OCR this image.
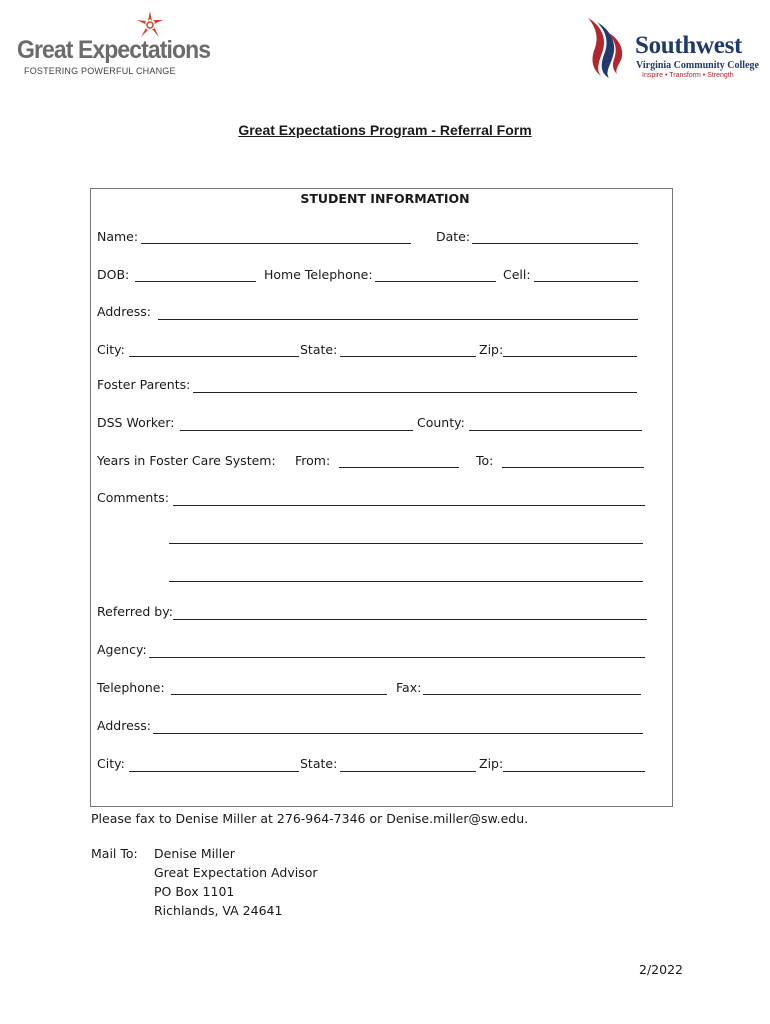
Great Expectations
FOSTERING POWERFUL CHANGE
Southwest
Virginia Community College
Inspire • Transform • Strength
Great Expectations Program - Referral Form
STUDENT INFORMATION
Name:	Date:
DOB:	Home Telephone:	Cell:
Address:
City:	State:	Zip:
Foster Parents:
DSS Worker:	County:
Years in Foster Care System: From:	To:
Comments:
Referred by:
Agency:
Telephone:	Fax:
Address:
City:	State:	Zip:
Please fax to Denise Miller at 276-964-7346 or Denise.miller@sw.edu.
Mail To: Denise Miller
Great Expectation Advisor
PO Box 1101
Richlands, VA 24641
2/2022
